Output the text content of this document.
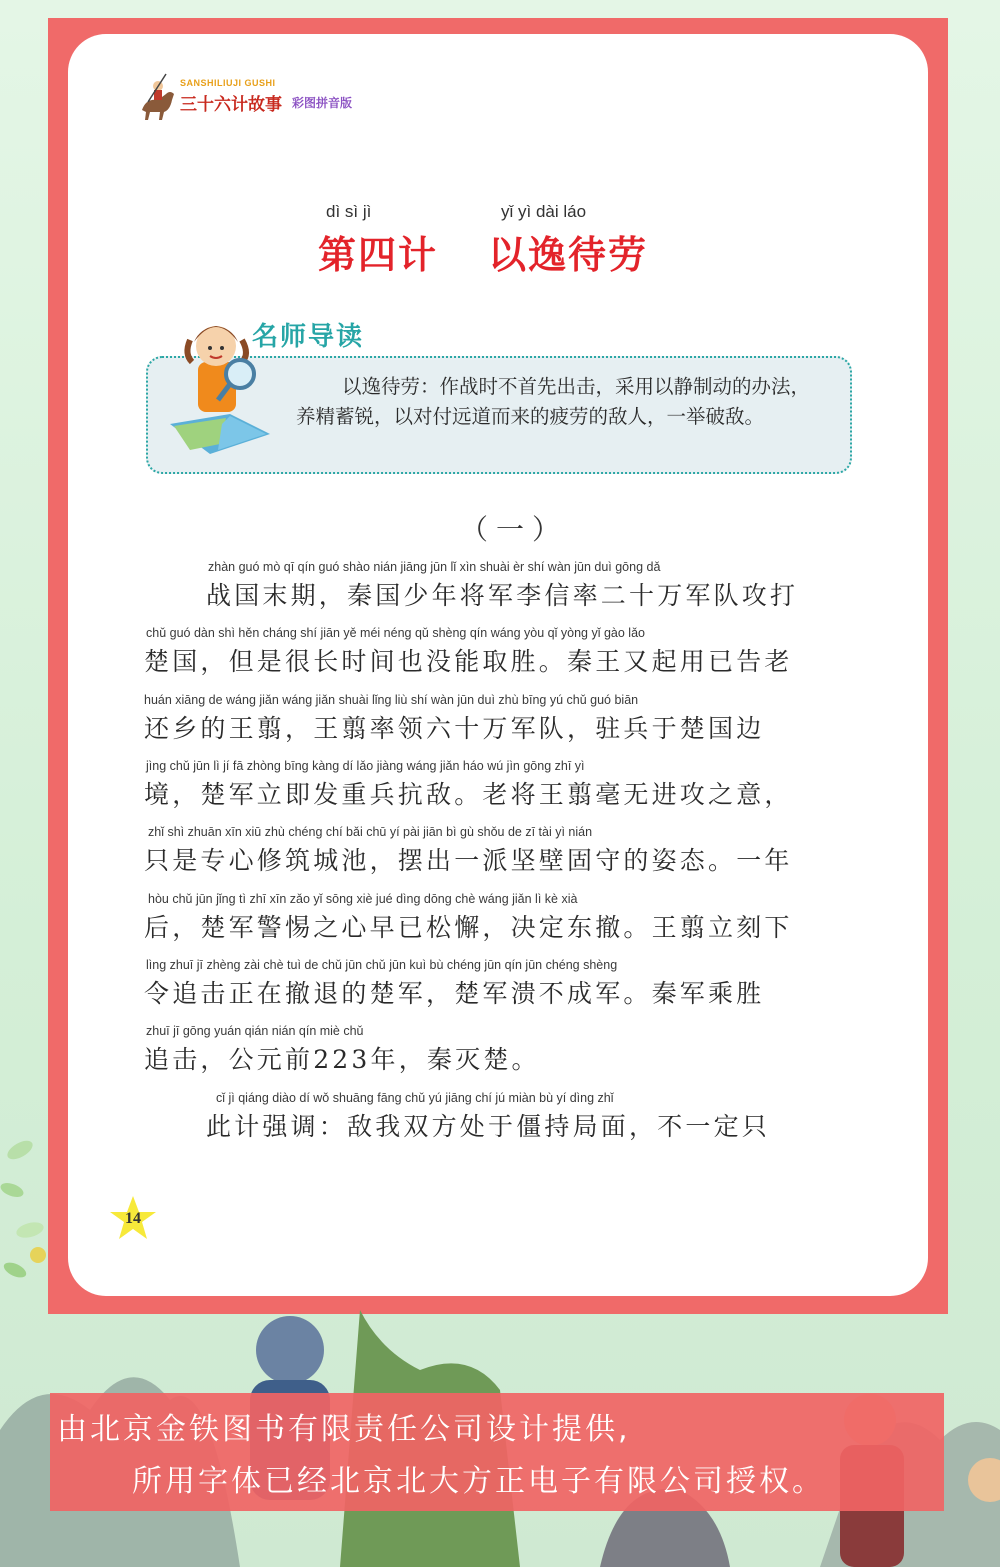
SANSHILIUJI GUSHI
三十六计故事 彩图拼音版
dì sì jì	yǐ yì dài láo
第四计 以逸待劳
名师导读
以逸待劳：作战时不首先出击，采用以静制动的办法，养精蓄锐，以对付远道而来的疲劳的敌人，一举破敌。
（一）
zhàn guó mò qī qín guó shào nián jiāng jūn lǐ xìn shuài èr shí wàn jūn duì gōng dǎ
战国末期，秦国少年将军李信率二十万军队攻打
chǔ guó dàn shì hěn cháng shí jiān yě méi néng qǔ shèng qín wáng yòu qǐ yòng yǐ gào lǎo
楚国，但是很长时间也没能取胜。秦王又起用已告老
huán xiāng de wáng jiǎn wáng jiǎn shuài lǐng liù shí wàn jūn duì zhù bīng yú chǔ guó biān
还乡的王翦，王翦率领六十万军队，驻兵于楚国边
jìng chǔ jūn lì jí fā zhòng bīng kàng dí lǎo jiàng wáng jiǎn háo wú jìn gōng zhī yì
境，楚军立即发重兵抗敌。老将王翦毫无进攻之意，
zhǐ shì zhuān xīn xiū zhù chéng chí bǎi chū yí pài jiān bì gù shǒu de zī tài yì nián
只是专心修筑城池，摆出一派坚壁固守的姿态。一年
hòu chǔ jūn jǐng tì zhī xīn zǎo yǐ sōng xiè jué dìng dōng chè wáng jiǎn lì kè xià
后，楚军警惕之心早已松懈，决定东撤。王翦立刻下
lìng zhuī jī zhèng zài chè tuì de chǔ jūn chǔ jūn kuì bù chéng jūn qín jūn chéng shèng
令追击正在撤退的楚军，楚军溃不成军。秦军乘胜
zhuī jī gōng yuán qián nián qín miè chǔ
追击，公元前223年，秦灭楚。
cǐ jì qiáng diào dí wǒ shuāng fāng chǔ yú jiāng chí jú miàn bù yí dìng zhǐ
此计强调：敌我双方处于僵持局面，不一定只
14
由北京金铁图书有限责任公司设计提供,
所用字体已经北京北大方正电子有限公司授权。
